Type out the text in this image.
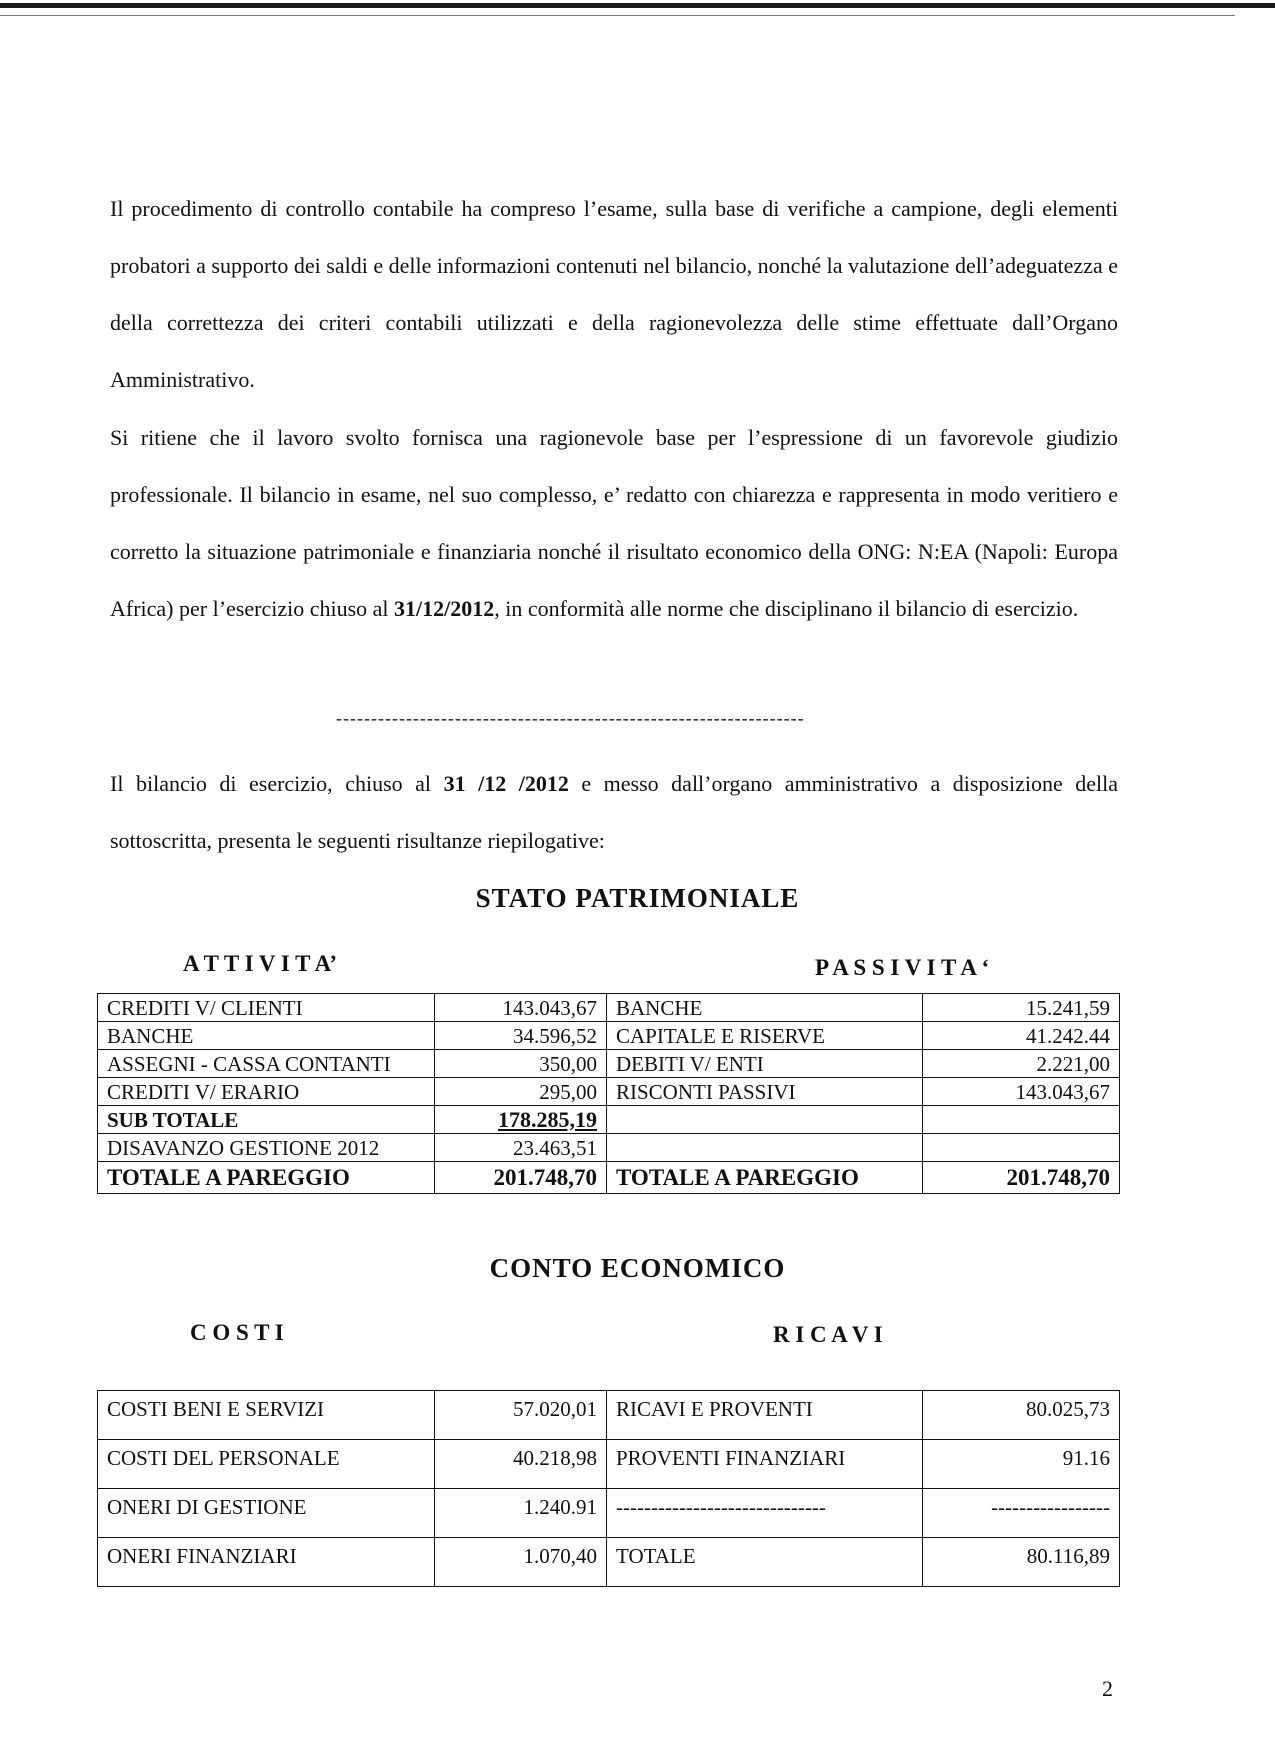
Il procedimento di controllo contabile ha compreso l’esame, sulla base di verifiche a campione, degli elementi probatori a supporto dei saldi e delle informazioni contenuti nel bilancio, nonché la valutazione dell’adeguatezza e della correttezza dei criteri contabili utilizzati e della ragionevolezza delle stime effettuate dall’Organo Amministrativo.

Si ritiene che il lavoro svolto fornisca una ragionevole base per l’espressione di un favorevole giudizio professionale. Il bilancio in esame, nel suo complesso, e’ redatto con chiarezza e rappresenta in modo veritiero e corretto la situazione patrimoniale e finanziaria nonché il risultato economico della ONG: N:EA (Napoli: Europa Africa) per l’esercizio chiuso al 31/12/2012, in conformità alle norme che disciplinano il bilancio di esercizio.

-------------------------------------------------------------------

Il bilancio di esercizio, chiuso al 31 /12 /2012 e messo dall’organo amministrativo a disposizione della sottoscritta, presenta le seguenti risultanze riepilogative:

STATO PATRIMONIALE
A T T I V I T A’	P A S S I V I T A ‘
CREDITI V/ CLIENTI	143.043,67	BANCHE	15.241,59
BANCHE	34.596,52	CAPITALE E RISERVE	41.242.44
ASSEGNI - CASSA CONTANTI	350,00	DEBITI V/ ENTI	2.221,00
CREDITI V/ ERARIO	295,00	RISCONTI PASSIVI	143.043,67
SUB TOTALE	178.285,19		
DISAVANZO GESTIONE 2012	23.463,51		
TOTALE A PAREGGIO	201.748,70	TOTALE A PAREGGIO	201.748,70
CONTO ECONOMICO
C O S T I	R I C A V I
COSTI BENI E SERVIZI	57.020,01	RICAVI E PROVENTI	80.025,73
COSTI DEL PERSONALE	40.218,98	PROVENTI FINANZIARI	91.16
ONERI DI GESTIONE	1.240.91	------------------------------	-----------------
ONERI FINANZIARI	1.070,40	TOTALE	80.116,89
2
